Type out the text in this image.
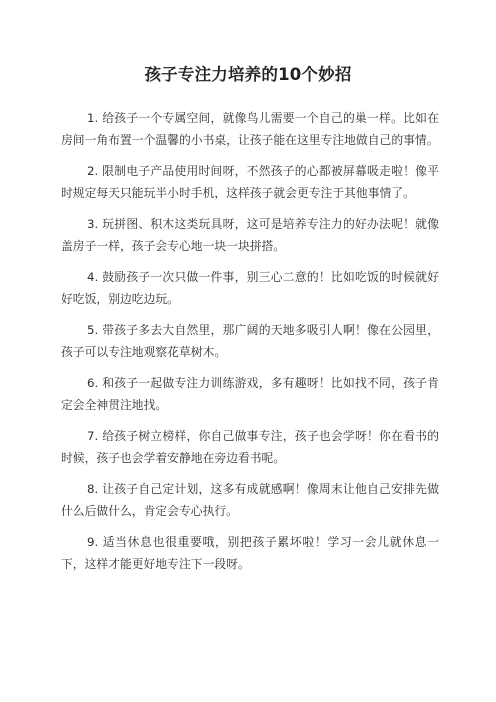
孩子专注力培养的10个妙招
1. 给孩子一个专属空间，就像鸟儿需要一个自己的巢一样。比如在房间一角布置一个温馨的小书桌，让孩子能在这里专注地做自己的事情。
2. 限制电子产品使用时间呀，不然孩子的心都被屏幕吸走啦！像平时规定每天只能玩半小时手机，这样孩子就会更专注于其他事情了。
3. 玩拼图、积木这类玩具呀，这可是培养专注力的好办法呢！就像盖房子一样，孩子会专心地一块一块拼搭。
4. 鼓励孩子一次只做一件事，别三心二意的！比如吃饭的时候就好好吃饭，别边吃边玩。
5. 带孩子多去大自然里，那广阔的天地多吸引人啊！像在公园里，孩子可以专注地观察花草树木。
6. 和孩子一起做专注力训练游戏，多有趣呀！比如找不同，孩子肯定会全神贯注地找。
7. 给孩子树立榜样，你自己做事专注，孩子也会学呀！你在看书的时候，孩子也会学着安静地在旁边看书呢。
8. 让孩子自己定计划，这多有成就感啊！像周末让他自己安排先做什么后做什么，肯定会专心执行。
9. 适当休息也很重要哦，别把孩子累坏啦！学习一会儿就休息一下，这样才能更好地专注下一段呀。
